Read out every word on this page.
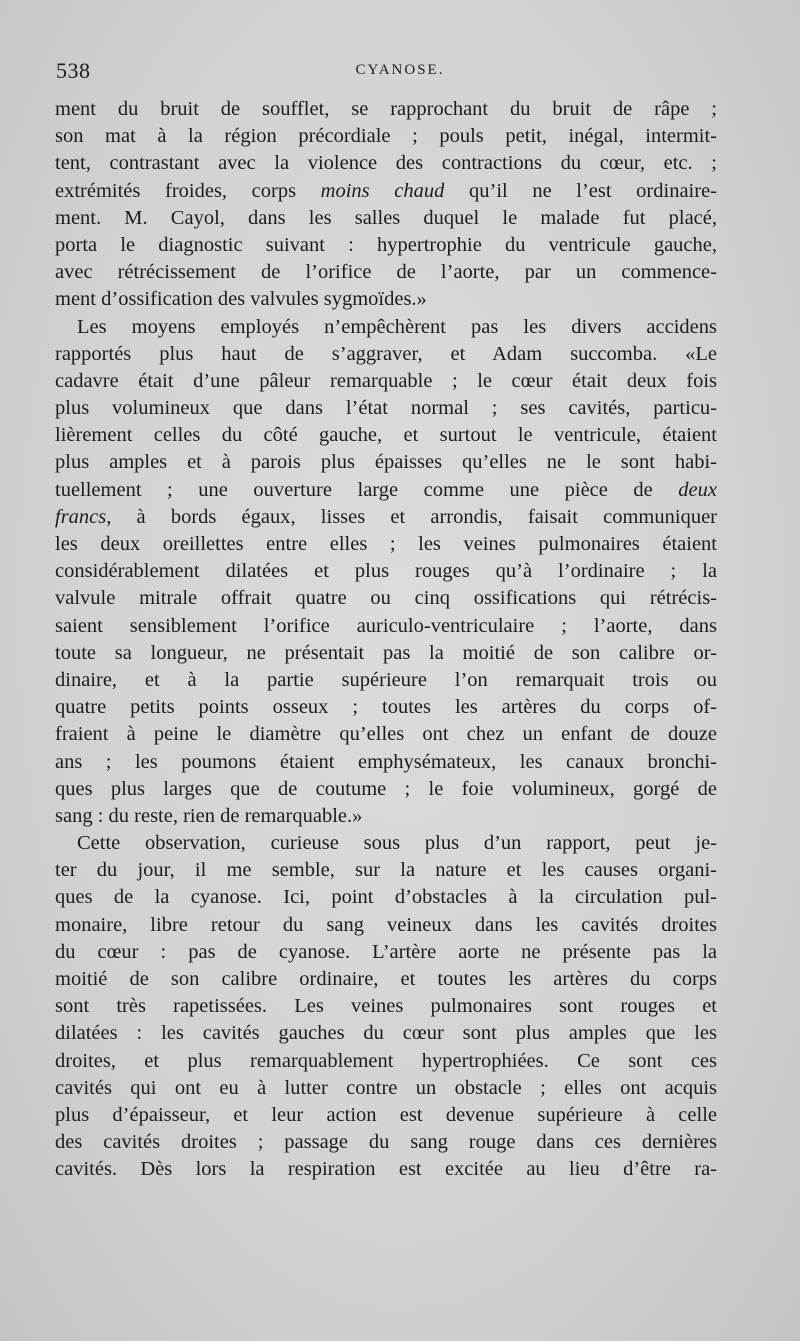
538	CYANOSE.
ment du bruit de soufflet, se rapprochant du bruit de râpe ;
son mat à la région précordiale ; pouls petit, inégal, intermit-
tent, contrastant avec la violence des contractions du cœur, etc. ;
extrémités froides, corps moins chaud qu’il ne l’est ordinaire-
ment. M. Cayol, dans les salles duquel le malade fut placé,
porta le diagnostic suivant : hypertrophie du ventricule gauche,
avec rétrécissement de l’orifice de l’aorte, par un commence-
ment d’ossification des valvules sygmoïdes.»
Les moyens employés n’empêchèrent pas les divers accidens
rapportés plus haut de s’aggraver, et Adam succomba. «Le
cadavre était d’une pâleur remarquable ; le cœur était deux fois
plus volumineux que dans l’état normal ; ses cavités, particu-
lièrement celles du côté gauche, et surtout le ventricule, étaient
plus amples et à parois plus épaisses qu’elles ne le sont habi-
tuellement ; une ouverture large comme une pièce de deux
francs, à bords égaux, lisses et arrondis, faisait communiquer
les deux oreillettes entre elles ; les veines pulmonaires étaient
considérablement dilatées et plus rouges qu’à l’ordinaire ; la
valvule mitrale offrait quatre ou cinq ossifications qui rétrécis-
saient sensiblement l’orifice auriculo-ventriculaire ; l’aorte, dans
toute sa longueur, ne présentait pas la moitié de son calibre or-
dinaire, et à la partie supérieure l’on remarquait trois ou
quatre petits points osseux ; toutes les artères du corps of-
fraient à peine le diamètre qu’elles ont chez un enfant de douze
ans ; les poumons étaient emphysémateux, les canaux bronchi-
ques plus larges que de coutume ; le foie volumineux, gorgé de
sang : du reste, rien de remarquable.»
Cette observation, curieuse sous plus d’un rapport, peut je-
ter du jour, il me semble, sur la nature et les causes organi-
ques de la cyanose. Ici, point d’obstacles à la circulation pul-
monaire, libre retour du sang veineux dans les cavités droites
du cœur : pas de cyanose. L’artère aorte ne présente pas la
moitié de son calibre ordinaire, et toutes les artères du corps
sont très rapetissées. Les veines pulmonaires sont rouges et
dilatées : les cavités gauches du cœur sont plus amples que les
droites, et plus remarquablement hypertrophiées. Ce sont ces
cavités qui ont eu à lutter contre un obstacle ; elles ont acquis
plus d’épaisseur, et leur action est devenue supérieure à celle
des cavités droites ; passage du sang rouge dans ces dernières
cavités. Dès lors la respiration est excitée au lieu d’être ra-
